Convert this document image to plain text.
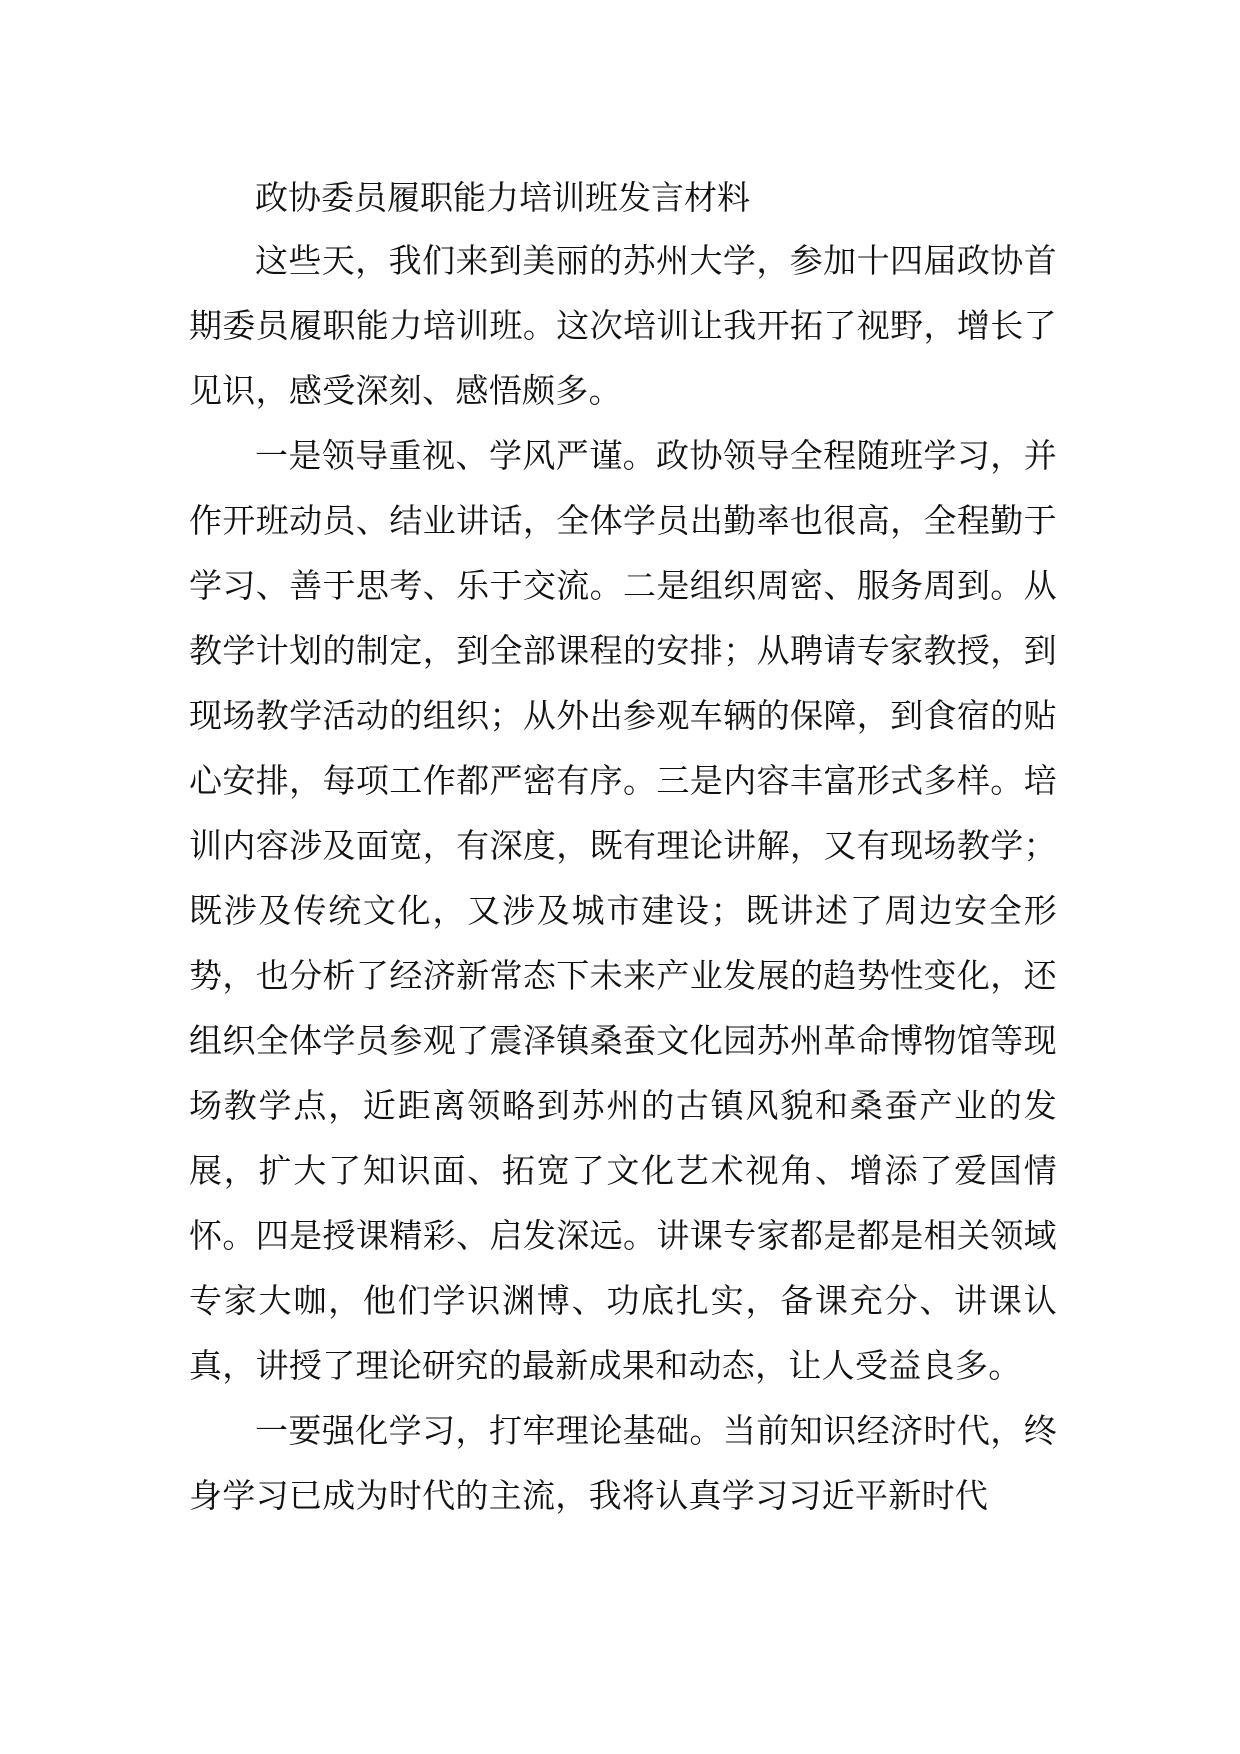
政协委员履职能力培训班发言材料

这些天，我们来到美丽的苏州大学，参加十四届政协首期委员履职能力培训班。这次培训让我开拓了视野，增长了见识，感受深刻、感悟颇多。

一是领导重视、学风严谨。政协领导全程随班学习，并作开班动员、结业讲话，全体学员出勤率也很高，全程勤于学习、善于思考、乐于交流。二是组织周密、服务周到。从教学计划的制定，到全部课程的安排；从聘请专家教授，到现场教学活动的组织；从外出参观车辆的保障，到食宿的贴心安排，每项工作都严密有序。三是内容丰富形式多样。培训内容涉及面宽，有深度，既有理论讲解，又有现场教学；既涉及传统文化，又涉及城市建设；既讲述了周边安全形势，也分析了经济新常态下未来产业发展的趋势性变化，还组织全体学员参观了震泽镇桑蚕文化园苏州革命博物馆等现场教学点，近距离领略到苏州的古镇风貌和桑蚕产业的发展，扩大了知识面、拓宽了文化艺术视角、增添了爱国情怀。四是授课精彩、启发深远。讲课专家都是都是相关领域专家大咖，他们学识渊博、功底扎实，备课充分、讲课认真，讲授了理论研究的最新成果和动态，让人受益良多。

一要强化学习，打牢理论基础。当前知识经济时代，终身学习已成为时代的主流，我将认真学习习近平新时代
